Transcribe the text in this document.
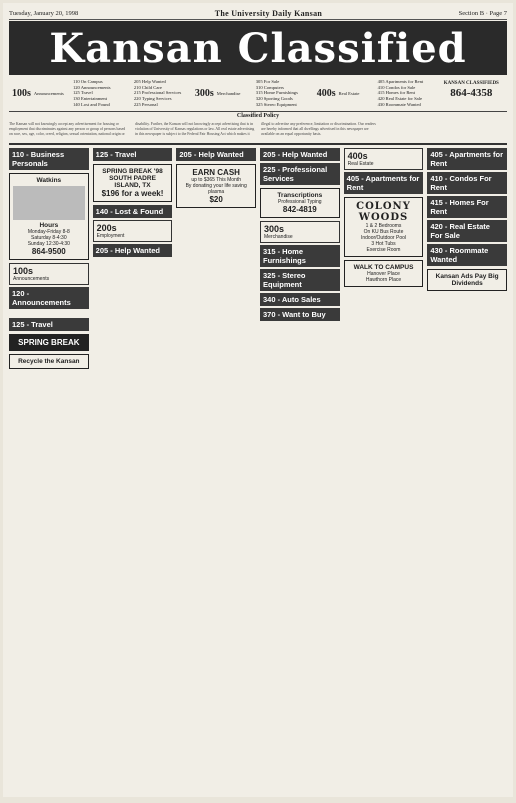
Tuesday, January 20, 1998	The University Daily Kansan	Section B · Page 7
Kansan Classified
100s Announcements
110 On Campus
120 Announcements
125 Travel
130 Entertainment
140 Lost and Found
205 Help Wanted
210 Child Care
215 Professional Services
220 Typing Services
225 Personal
300s Merchandise
305 For Sale
310 Computers
315 Home Furnishings
320 Sporting Goods
325 Stereo Equipment
400s Real Estate
405 Apartments for Rent
410 Condos for Sale
415 Homes for Rent
420 Real Estate for Sale
430 Roommate Wanted
KANSAN CLASSIFIEDS
864-4358
Classified Policy
The Kansan will not knowingly accept any advertisement for housing or employment that discriminates against any person or group of persons based on race, sex, age, color, creed, religion, sexual orientation, national origin or disability. Further, the Kansan will not knowingly accept advertising that is in violation of University of Kansas regulations or law. All real estate advertising in this newspaper is subject to the Federal Fair Housing Act which makes it illegal to advertise any preference, limitation or discrimination. Our readers are hereby informed that all dwellings advertised in this newspaper are available on an equal opportunity basis.
110 - Business Personals
Watkins
Hours
Monday-Friday 8-8
Saturday 8-4:30
Sunday 12:30-4:30
864-9500
100s
Announcements
120 - Announcements
125 - Travel
SPRING BREAK
Recycle the Kansan
125 - Travel
SPRING BREAK '98 SOUTH PADRE ISLAND, TX
$196 for a week!
140 - Lost & Found
200s
Employment
205 - Help Wanted
205 - Help Wanted
EARN CASH
up to $365 This Month
By donating your life saving plasma
$20
205 - Help Wanted
225 - Professional Services
Transcriptions
Professional Typing
842-4819
300s
Merchandise
315 - Home Furnishings
325 - Stereo Equipment
340 - Auto Sales
370 - Want to Buy
400s
Real Estate
405 - Apartments for Rent
COLONY WOODS
1 & 2 Bedrooms
On KU Bus Route
Indoor/Outdoor Pool
3 Hot Tubs
Exercise Room
WALK TO CAMPUS
Hanover Place
Hawthorn Place
405 - Apartments for Rent
410 - Condos For Rent
415 - Homes For Rent
420 - Real Estate For Sale
430 - Roommate Wanted
Kansan Ads Pay Big Dividends
